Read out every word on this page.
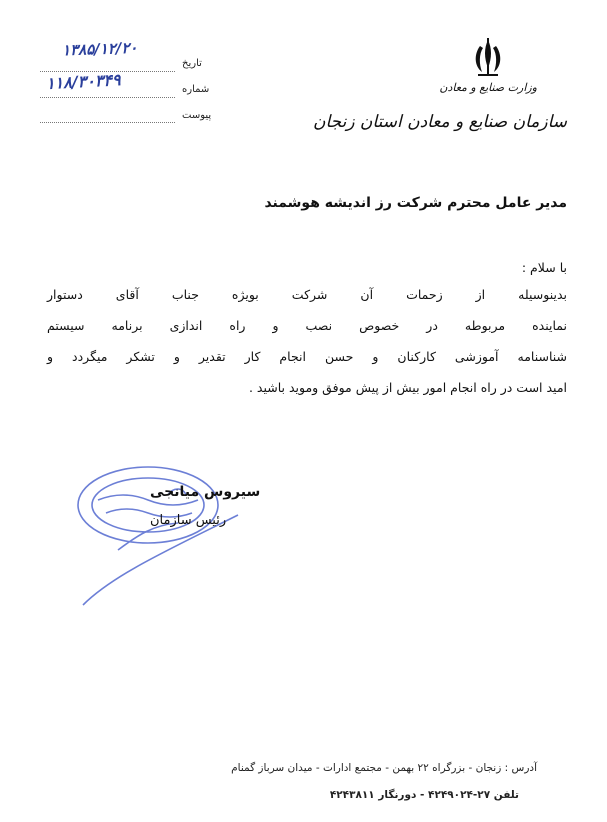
وزارت صنایع و معادن
سازمان صنایع و معادن استان زنجان
تاریخ
شماره
پیوست
۱۳۸۵/۱۲/۲۰
۱۱۸/۳۰۳۴۹
مدیر عامل محترم شرکت رز اندیشه هوشمند
با سلام :
بدینوسیله از زحمات آن شرکت بویژه جناب آقای دستوار
نماینده مربوطه در خصوص نصب و راه اندازی برنامه سیستم
شناسنامه آموزشی کارکنان و حسن انجام کار تقدیر و تشکر میگردد و
امید است در راه انجام امور بیش از پیش موفق وموید باشید .
سیروس میانجی
رئیس سازمان
آدرس : زنجان - بزرگراه ۲۲ بهمن - مجتمع ادارات - میدان سرباز گمنام
تلفن ۲۷-۴۲۴۹۰۲۴ - دورنگار ۴۲۴۳۸۱۱
